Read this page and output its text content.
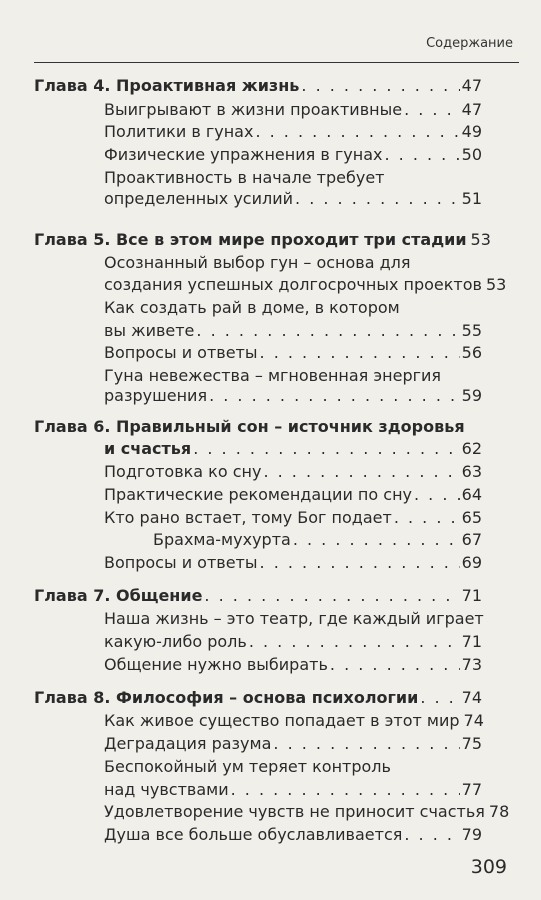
Содержание
Глава 4. Проактивная жизнь . . .	47
Выигрывают в жизни проактивные . . .	47
Политики в гунах . . .	49
Физические упражнения в гунах . . .	50
Проактивность в начале требует
определенных усилий . . .	51
Глава 5. Все в этом мире проходит три стадии 53
Осознанный выбор гун – основа для
создания успешных долгосрочных проектов 53
Как создать рай в доме, в котором
вы живете . . .	55
Вопросы и ответы . . .	56
Гуна невежества – мгновенная энергия
разрушения . . .	59
Глава 6. Правильный сон – источник здоровья
и счастья . . .	62
Подготовка ко сну . . .	63
Практические рекомендации по сну . . .	64
Кто рано встает, тому Бог подает . . .	65
Брахма-мухурта . . .	67
Вопросы и ответы . . .	69
Глава 7. Общение . . .	71
Наша жизнь – это театр, где каждый играет
какую-либо роль . . .	71
Общение нужно выбирать . . .	73
Глава 8. Философия – основа психологии . . .	74
Как живое существо попадает в этот мир 74
Деградация разума . . .	75
Беспокойный ум теряет контроль
над чувствами . . .	77
Удовлетворение чувств не приносит счастья 78
Душа все больше обуславливается . . .	79
309
